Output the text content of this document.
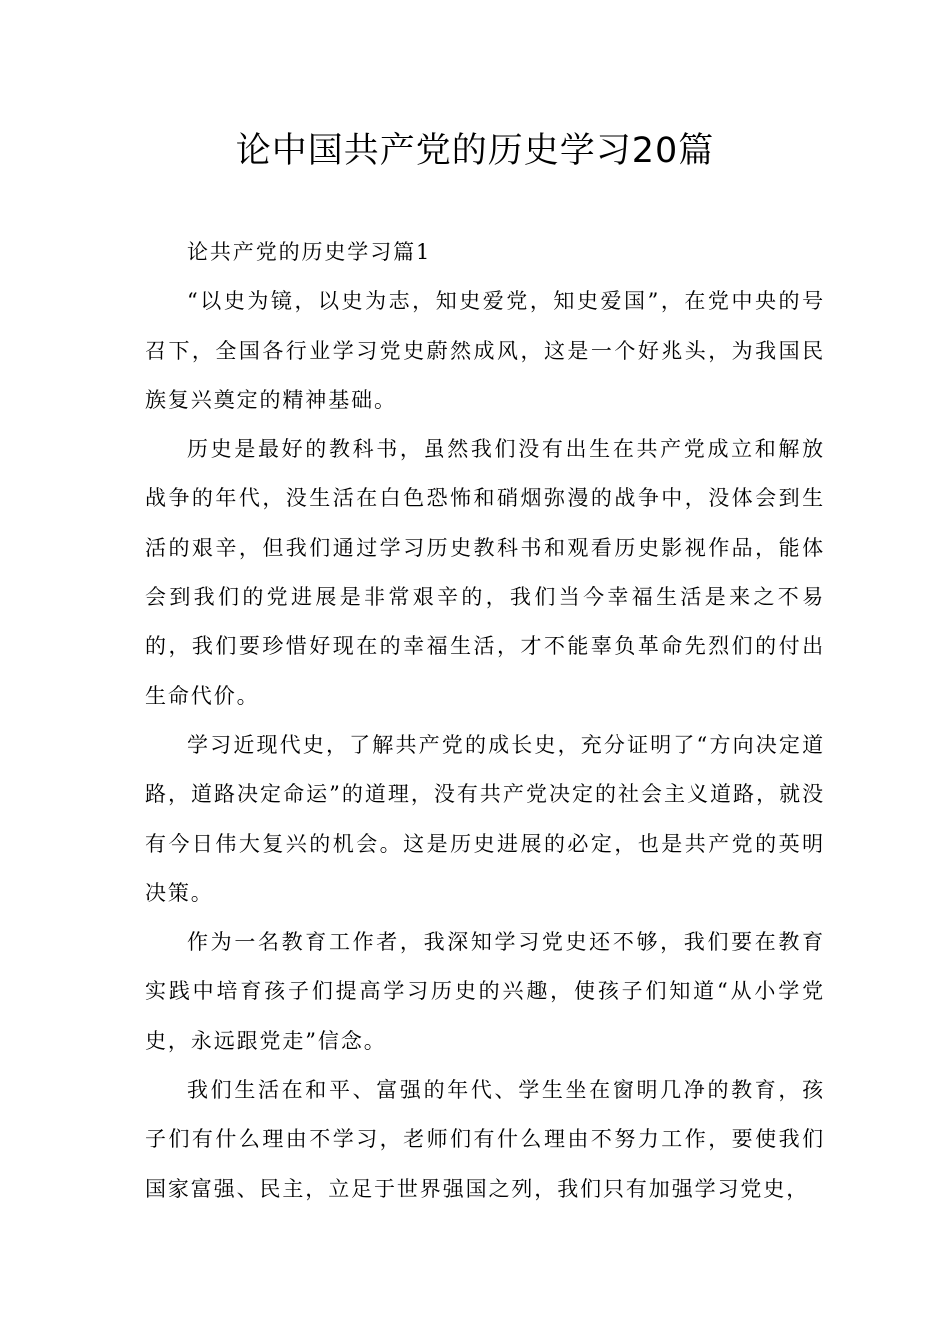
论中国共产党的历史学习20篇

论共产党的历史学习篇1

“以史为镜，以史为志，知史爱党，知史爱国”，在党中央的号召下，全国各行业学习党史蔚然成风，这是一个好兆头，为我国民族复兴奠定的精神基础。

历史是最好的教科书，虽然我们没有出生在共产党成立和解放战争的年代，没生活在白色恐怖和硝烟弥漫的战争中，没体会到生活的艰辛，但我们通过学习历史教科书和观看历史影视作品，能体会到我们的党进展是非常艰辛的，我们当今幸福生活是来之不易的，我们要珍惜好现在的幸福生活，才不能辜负革命先烈们的付出生命代价。

学习近现代史，了解共产党的成长史，充分证明了“方向决定道路，道路决定命运”的道理，没有共产党决定的社会主义道路，就没有今日伟大复兴的机会。这是历史进展的必定，也是共产党的英明决策。

作为一名教育工作者，我深知学习党史还不够，我们要在教育实践中培育孩子们提高学习历史的兴趣，使孩子们知道“从小学党史，永远跟党走”信念。

我们生活在和平、富强的年代、学生坐在窗明几净的教育，孩子们有什么理由不学习，老师们有什么理由不努力工作，要使我们国家富强、民主，立足于世界强国之列，我们只有加强学习党史，
